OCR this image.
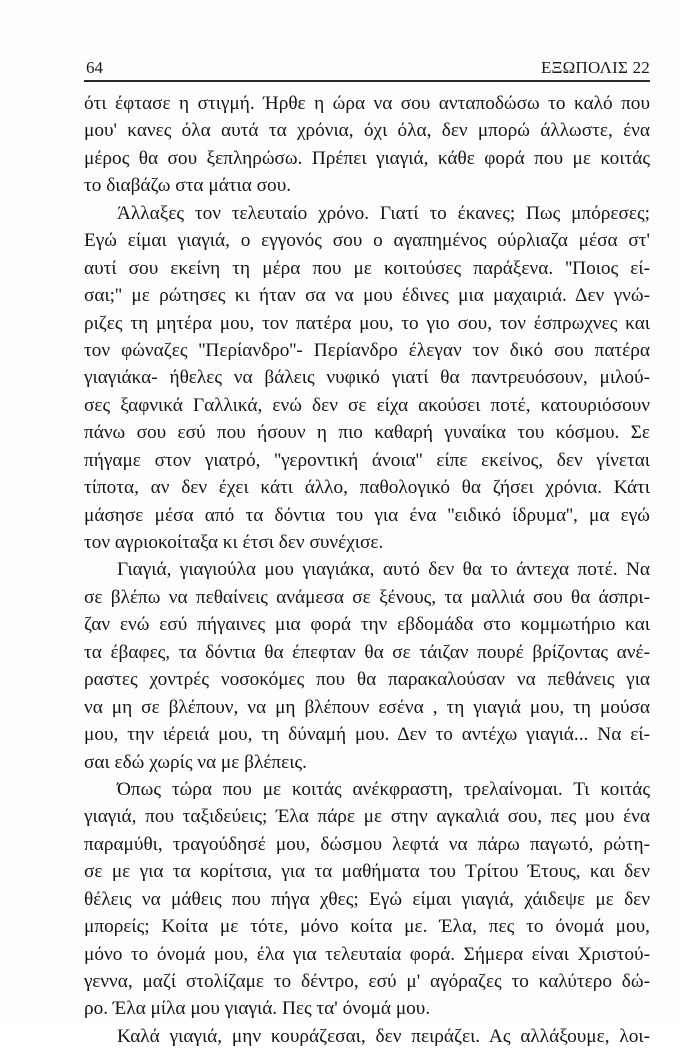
64	ΕΞΩΠΟΛΙΣ 22
ότι έφτασε η στιγμή. Ήρθε η ώρα να σου ανταποδώσω το καλό που
μου' κανες όλα αυτά τα χρόνια, όχι όλα, δεν μπορώ άλλωστε, ένα
μέρος θα σου ξεπληρώσω. Πρέπει γιαγιά, κάθε φορά που με κοιτάς
το διαβάζω στα μάτια σου.
Άλλαξες τον τελευταίο χρόνο. Γιατί το έκανες; Πως μπόρεσες;
Εγώ είμαι γιαγιά, ο εγγονός σου ο αγαπημένος ούρλιαζα μέσα στ'
αυτί σου εκείνη τη μέρα που με κοιτούσες παράξενα. ''Ποιος εί-
σαι;'' με ρώτησες κι ήταν σα να μου έδινες μια μαχαιριά. Δεν γνώ-
ριζες τη μητέρα μου, τον πατέρα μου, το γιο σου, τον έσπρωχνες και
τον φώναζες ''Περίανδρο''- Περίανδρο έλεγαν τον δικό σου πατέρα
γιαγιάκα- ήθελες να βάλεις νυφικό γιατί θα παντρευόσουν, μιλού-
σες ξαφνικά Γαλλικά, ενώ δεν σε είχα ακούσει ποτέ, κατουριόσουν
πάνω σου εσύ που ήσουν η πιο καθαρή γυναίκα του κόσμου. Σε
πήγαμε στον γιατρό, ''γεροντική άνοια'' είπε εκείνος, δεν γίνεται
τίποτα, αν δεν έχει κάτι άλλο, παθολογικό θα ζήσει χρόνια. Κάτι
μάσησε μέσα από τα δόντια του για ένα ''ειδικό ίδρυμα'', μα εγώ
τον αγριοκοίταξα κι έτσι δεν συνέχισε.
Γιαγιά, γιαγιούλα μου γιαγιάκα, αυτό δεν θα το άντεχα ποτέ. Να
σε βλέπω να πεθαίνεις ανάμεσα σε ξένους, τα μαλλιά σου θα άσπρι-
ζαν ενώ εσύ πήγαινες μια φορά την εβδομάδα στο κομμωτήριο και
τα έβαφες, τα δόντια θα έπεφταν θα σε τάιζαν πουρέ βρίζοντας ανέ-
ραστες χοντρές νοσοκόμες που θα παρακαλούσαν να πεθάνεις για
να μη σε βλέπουν, να μη βλέπουν εσένα , τη γιαγιά μου, τη μούσα
μου, την ιέρειά μου, τη δύναμή μου. Δεν το αντέχω γιαγιά... Να εί-
σαι εδώ χωρίς να με βλέπεις.
Όπως τώρα που με κοιτάς ανέκφραστη, τρελαίνομαι. Τι κοιτάς
γιαγιά, που ταξιδεύεις; Έλα πάρε με στην αγκαλιά σου, πες μου ένα
παραμύθι, τραγούδησέ μου, δώσμου λεφτά να πάρω παγωτό, ρώτη-
σε με για τα κορίτσια, για τα μαθήματα του Τρίτου Έτους, και δεν
θέλεις να μάθεις που πήγα χθες; Εγώ είμαι γιαγιά, χάιδεψε με δεν
μπορείς; Κοίτα με τότε, μόνο κοίτα με. Έλα, πες το όνομά μου,
μόνο το όνομά μου, έλα για τελευταία φορά. Σήμερα είναι Χριστού-
γεννα, μαζί στολίζαμε το δέντρο, εσύ μ' αγόραζες το καλύτερο δώ-
ρο. Έλα μίλα μου γιαγιά. Πες τα' όνομά μου.
Καλά γιαγιά, μην κουράζεσαι, δεν πειράζει. Ας αλλάξουμε, λοι-
